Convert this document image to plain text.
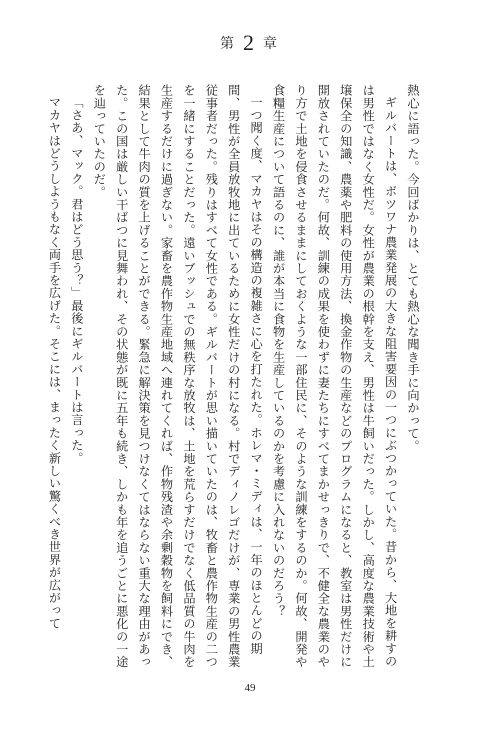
第 2 章

熱心に語った。今回ばかりは、とても熱心な聞き手に向かって。

ギルバートは、ボツワナ農業発展の大きな阻害要因の一つにぶつかっていた。昔から、大地を耕すのは男性ではなく女性だ。女性が農業の根幹を支え、男性は牛飼いだった。しかし、高度な農業技術や土壌保全の知識、農薬や肥料の使用方法、換金作物の生産などのプログラムになると、教室は男性だけに開放されていたのだ。何故、訓練の成果を使わずに妻たちにすべてまかせっきりで、不健全な農業のやり方で土地を侵食させるままにしておくような一部住民に、そのような訓練をするのか。何故、開発や食糧生産について語るのに、誰が本当に食物を生産しているのかを考慮に入れないのだろう？

一つ聞く度、マカヤはその構造の複雑さに心を打たれた。ホレマ・ミディは、一年のほとんどの期間、男性が全員放牧地に出ているために女性だけの村になる。村でディノレゴだけが、専業の男性農業従事者だった。残りはすべて女性である。ギルバートが思い描いていたのは、牧畜と農作物生産の二つを一緒にすることだった。遠いブッシュでの無秩序な放牧は、土地を荒らすだけでなく低品質の牛肉を生産するだけに過ぎない。家畜を農作物生産地域へ連れてくれば、作物残渣や余剰穀物を飼料にでき、結果として牛肉の質を上げることができる。緊急に解決策を見つけなくてはならない重大な理由があった。この国は厳しい干ばつに見舞われ、その状態が既に五年も続き、しかも年を追うごとに悪化の一途を辿っていたのだ。

「さあ、マック。君はどう思う？」最後にギルバートは言った。

マカヤはどうしようもなく両手を広げた。そこには、まったく新しい驚くべき世界が広がって

49
